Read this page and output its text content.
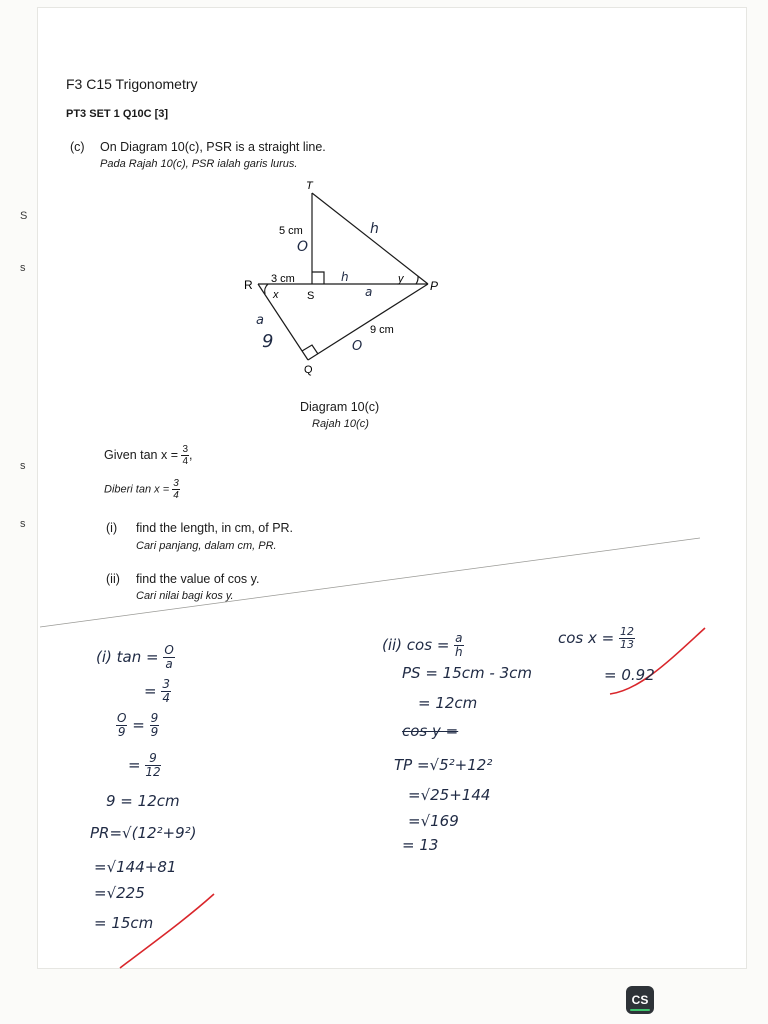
S
s
s
s
F3 C15 Trigonometry
PT3 SET 1 Q10C [3]
(c) On Diagram 10(c), PSR is a straight line.
Pada Rajah 10(c), PSR ialah garis lurus.
T
R
S
P
Q
5 cm
3 cm
9 cm
x
y
O
h
h
a
a
9	O
Diagram 10(c)
Rajah 10(c)
Given $\tan x = \frac{3}{4}$ ,
Diberi $\tan x = \frac{3}{4}$
(i) find the length, in cm, of PR.
Cari panjang, dalam cm, PR.
(ii) find the value of cos y.
Cari nilai bagi kos y.
(i) $\tan = \frac{O}{a}$
= $\frac{3}{4}$
$\frac{O}{9} = \frac{9}{9}$
= $\frac{9}{12}$
9 = 12cm
PR=√(12²+9²)
=√144+81
=√225
= 15cm
(ii) $\cos = \frac{a}{h}$
PS = 15cm - 3cm
= 12cm
cos y =
TP =√5²+12²
=√25+144
=√169
= 13
$\cos x = \frac{12}{13}$
= 0.92
CS
